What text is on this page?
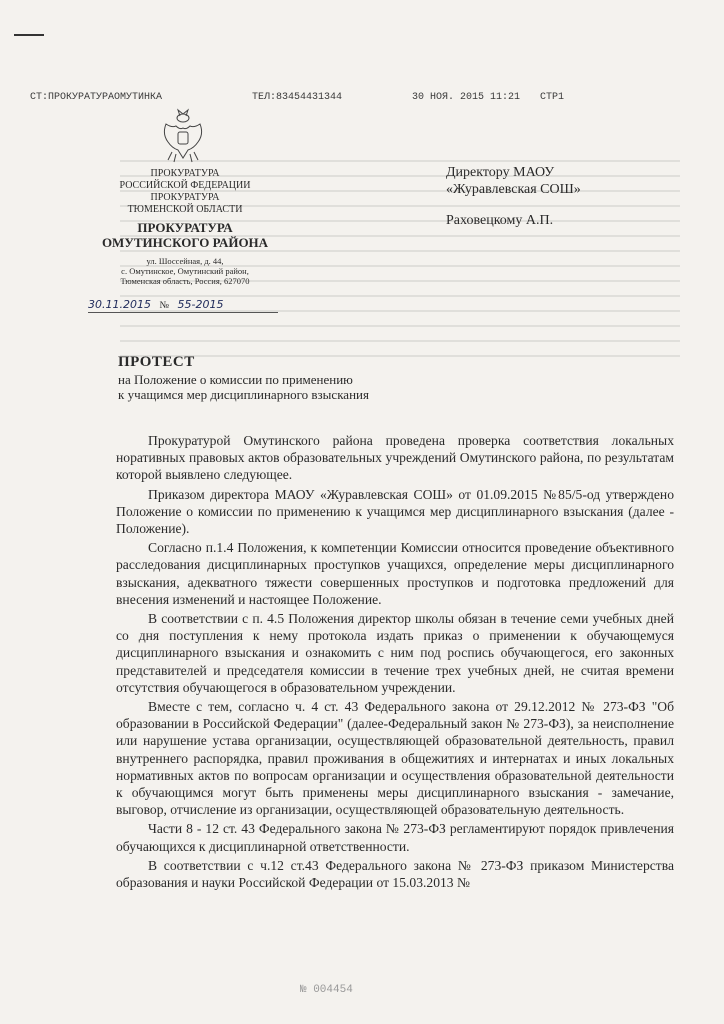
СТ:ПРОКУРАТУРАОМУТИНКА	ТЕЛ:83454431344	30 НОЯ. 2015 11:21 СТР1
ПРОКУРАТУРА
РОССИЙСКОЙ ФЕДЕРАЦИИ
ПРОКУРАТУРА
ТЮМЕНСКОЙ ОБЛАСТИ
ПРОКУРАТУРА
ОМУТИНСКОГО РАЙОНА
ул. Шоссейная, д. 44,
с. Омутинское, Омутинский район,
Тюменская область, Россия, 627070
30.11.2015 № 55-2015
Директору МАОУ
«Журавлевская СОШ»
Раховецкому А.П.
ПРОТЕСТ
на Положение о комиссии по применению
к учащимся мер дисциплинарного взыскания

Прокуратурой Омутинского района проведена проверка соответствия локальных норативных правовых актов образовательных учреждений Омутинского района, по результатам которой выявлено следующее.

Приказом директора МАОУ «Журавлевская СОШ» от 01.09.2015 №85/5-од утверждено Положение о комиссии по применению к учащимся мер дисциплинарного взыскания (далее - Положение).

Согласно п.1.4 Положения, к компетенции Комиссии относится проведение объективного расследования дисциплинарных проступков учащихся, определение меры дисциплинарного взыскания, адекватного тяжести совершенных проступков и подготовка предложений для внесения изменений и настоящее Положение.

В соответствии с п. 4.5 Положения директор школы обязан в течение семи учебных дней со дня поступления к нему протокола издать приказ о применении к обучающемуся дисциплинарного взыскания и ознакомить с ним под роспись обучающегося, его законных представителей и председателя комиссии в течение трех учебных дней, не считая времени отсутствия обучающегося в образовательном учреждении.

Вместе с тем, согласно ч. 4 ст. 43 Федерального закона от 29.12.2012 № 273-ФЗ "Об образовании в Российской Федерации" (далее-Федеральный закон № 273-ФЗ), за неисполнение или нарушение устава организации, осуществляющей образовательной деятельность, правил внутреннего распорядка, правил проживания в общежитиях и интернатах и иных локальных нормативных актов по вопросам организации и осуществления образовательной деятельности к обучающимся могут быть применены меры дисциплинарного взыскания - замечание, выговор, отчисление из организации, осуществляющей образовательную деятельность.

Части 8 - 12 ст. 43 Федерального закона № 273-ФЗ регламентируют порядок привлечения обучающихся к дисциплинарной ответственности.

В соответствии с ч.12 ст.43 Федерального закона № 273-ФЗ приказом Министерства образования и науки Российской Федерации от 15.03.2013 №

№ 004454
